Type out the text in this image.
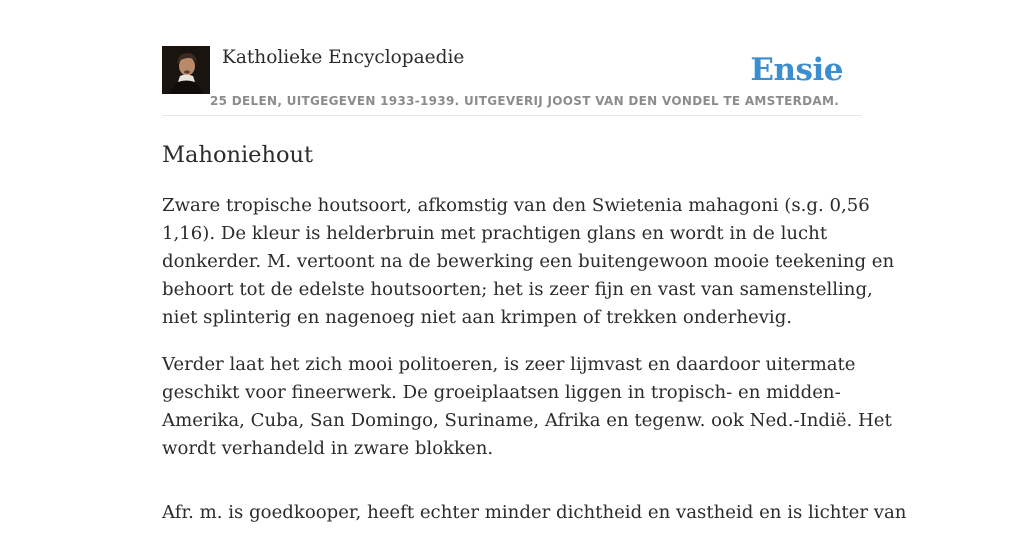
Katholieke Encyclopaedie
25 DELEN, UITGEGEVEN 1933-1939. UITGEVERIJ JOOST VAN DEN VONDEL TE AMSTERDAM.
Ensie
Mahoniehout

Zware tropische houtsoort, afkomstig van den Swietenia mahagoni (s.g. 0,56
1,16). De kleur is helderbruin met prachtigen glans en wordt in de lucht
donkerder. M. vertoont na de bewerking een buitengewoon mooie teekening en
behoort tot de edelste houtsoorten; het is zeer fijn en vast van samenstelling,
niet splinterig en nagenoeg niet aan krimpen of trekken onderhevig.

Verder laat het zich mooi politoeren, is zeer lijmvast en daardoor uitermate
geschikt voor fineerwerk. De groeiplaatsen liggen in tropisch- en midden-
Amerika, Cuba, San Domingo, Suriname, Afrika en tegenw. ook Ned.-Indië. Het
wordt verhandeld in zware blokken.

Afr. m. is goedkooper, heeft echter minder dichtheid en vastheid en is lichter van
